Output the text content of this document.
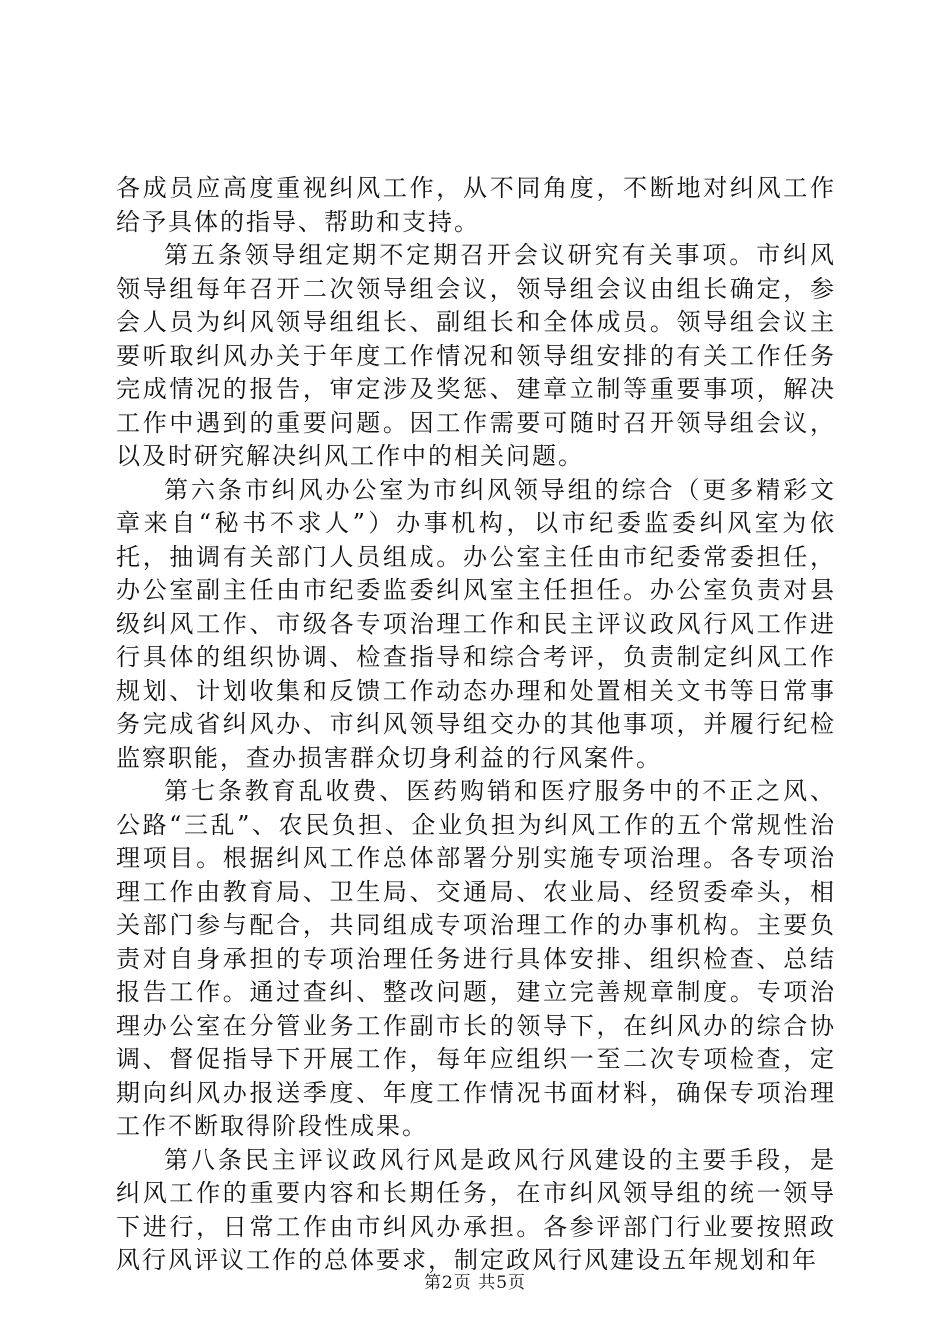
各成员应高度重视纠风工作，从不同角度，不断地对纠风工作给予具体的指导、帮助和支持。

第五条领导组定期不定期召开会议研究有关事项。市纠风领导组每年召开二次领导组会议，领导组会议由组长确定，参会人员为纠风领导组组长、副组长和全体成员。领导组会议主要听取纠风办关于年度工作情况和领导组安排的有关工作任务完成情况的报告，审定涉及奖惩、建章立制等重要事项，解决工作中遇到的重要问题。因工作需要可随时召开领导组会议，以及时研究解决纠风工作中的相关问题。

第六条市纠风办公室为市纠风领导组的综合（更多精彩文章来自“秘书不求人”）办事机构，以市纪委监委纠风室为依托，抽调有关部门人员组成。办公室主任由市纪委常委担任，办公室副主任由市纪委监委纠风室主任担任。办公室负责对县级纠风工作、市级各专项治理工作和民主评议政风行风工作进行具体的组织协调、检查指导和综合考评，负责制定纠风工作规划、计划收集和反馈工作动态办理和处置相关文书等日常事务完成省纠风办、市纠风领导组交办的其他事项，并履行纪检监察职能，查办损害群众切身利益的行风案件。

第七条教育乱收费、医药购销和医疗服务中的不正之风、公路“三乱”、农民负担、企业负担为纠风工作的五个常规性治理项目。根据纠风工作总体部署分别实施专项治理。各专项治理工作由教育局、卫生局、交通局、农业局、经贸委牵头，相关部门参与配合，共同组成专项治理工作的办事机构。主要负责对自身承担的专项治理任务进行具体安排、组织检查、总结报告工作。通过查纠、整改问题，建立完善规章制度。专项治理办公室在分管业务工作副市长的领导下，在纠风办的综合协调、督促指导下开展工作，每年应组织一至二次专项检查，定期向纠风办报送季度、年度工作情况书面材料，确保专项治理工作不断取得阶段性成果。

第八条民主评议政风行风是政风行风建设的主要手段，是纠风工作的重要内容和长期任务，在市纠风领导组的统一领导下进行，日常工作由市纠风办承担。各参评部门行业要按照政风行风评议工作的总体要求，制定政风行风建设五年规划和年

第2页 共5页
